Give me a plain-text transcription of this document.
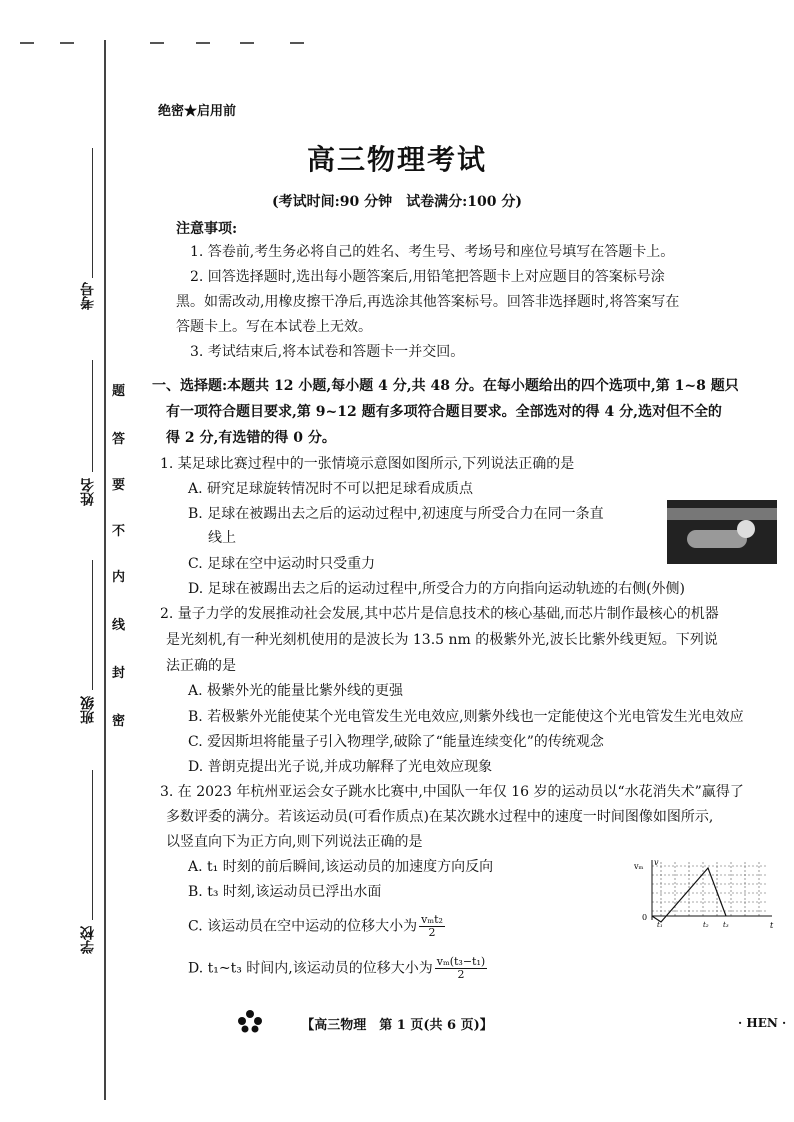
考号
姓名
班级
学校
题
答
要
不
内
线
封
密
绝密★启用前
高三物理考试
(考试时间:90 分钟　试卷满分:100 分)
注意事项:
1. 答卷前,考生务必将自己的姓名、考生号、考场号和座位号填写在答题卡上。
2. 回答选择题时,选出每小题答案后,用铅笔把答题卡上对应题目的答案标号涂
黑。如需改动,用橡皮擦干净后,再选涂其他答案标号。回答非选择题时,将答案写在
答题卡上。写在本试卷上无效。
3. 考试结束后,将本试卷和答题卡一并交回。
一、选择题:本题共 12 小题,每小题 4 分,共 48 分。在每小题给出的四个选项中,第 1~8 题只
有一项符合题目要求,第 9~12 题有多项符合题目要求。全部选对的得 4 分,选对但不全的
得 2 分,有选错的得 0 分。
1. 某足球比赛过程中的一张情境示意图如图所示,下列说法正确的是
A. 研究足球旋转情况时不可以把足球看成质点
B. 足球在被踢出去之后的运动过程中,初速度与所受合力在同一条直
线上
C. 足球在空中运动时只受重力
D. 足球在被踢出去之后的运动过程中,所受合力的方向指向运动轨迹的右侧(外侧)
2. 量子力学的发展推动社会发展,其中芯片是信息技术的核心基础,而芯片制作最核心的机器
是光刻机,有一种光刻机使用的是波长为 13.5 nm 的极紫外光,波长比紫外线更短。下列说
法正确的是
A. 极紫外光的能量比紫外线的更强
B. 若极紫外光能使某个光电管发生光电效应,则紫外线也一定能使这个光电管发生光电效应
C. 爱因斯坦将能量子引入物理学,破除了“能量连续变化”的传统观念
D. 普朗克提出光子说,并成功解释了光电效应现象
3. 在 2023 年杭州亚运会女子跳水比赛中,中国队一年仅 16 岁的运动员以“水花消失术”赢得了
多数评委的满分。若该运动员(可看作质点)在某次跳水过程中的速度一时间图像如图所示,
以竖直向下为正方向,则下列说法正确的是
A. t₁ 时刻的前后瞬间,该运动员的加速度方向反向
B. t₃ 时刻,该运动员已浮出水面
C. 该运动员在空中运动的位移大小为 $\frac{\text{vₘt₂}}{2}$
D. t₁~t₃ 时间内,该运动员的位移大小为 $\frac{\text{vₘ(t₃−t₁)}}{2}$
vₘ v
0
t
t₁	t₂ t₃
【高三物理　第 1 页(共 6 页)】	· HEN ·
